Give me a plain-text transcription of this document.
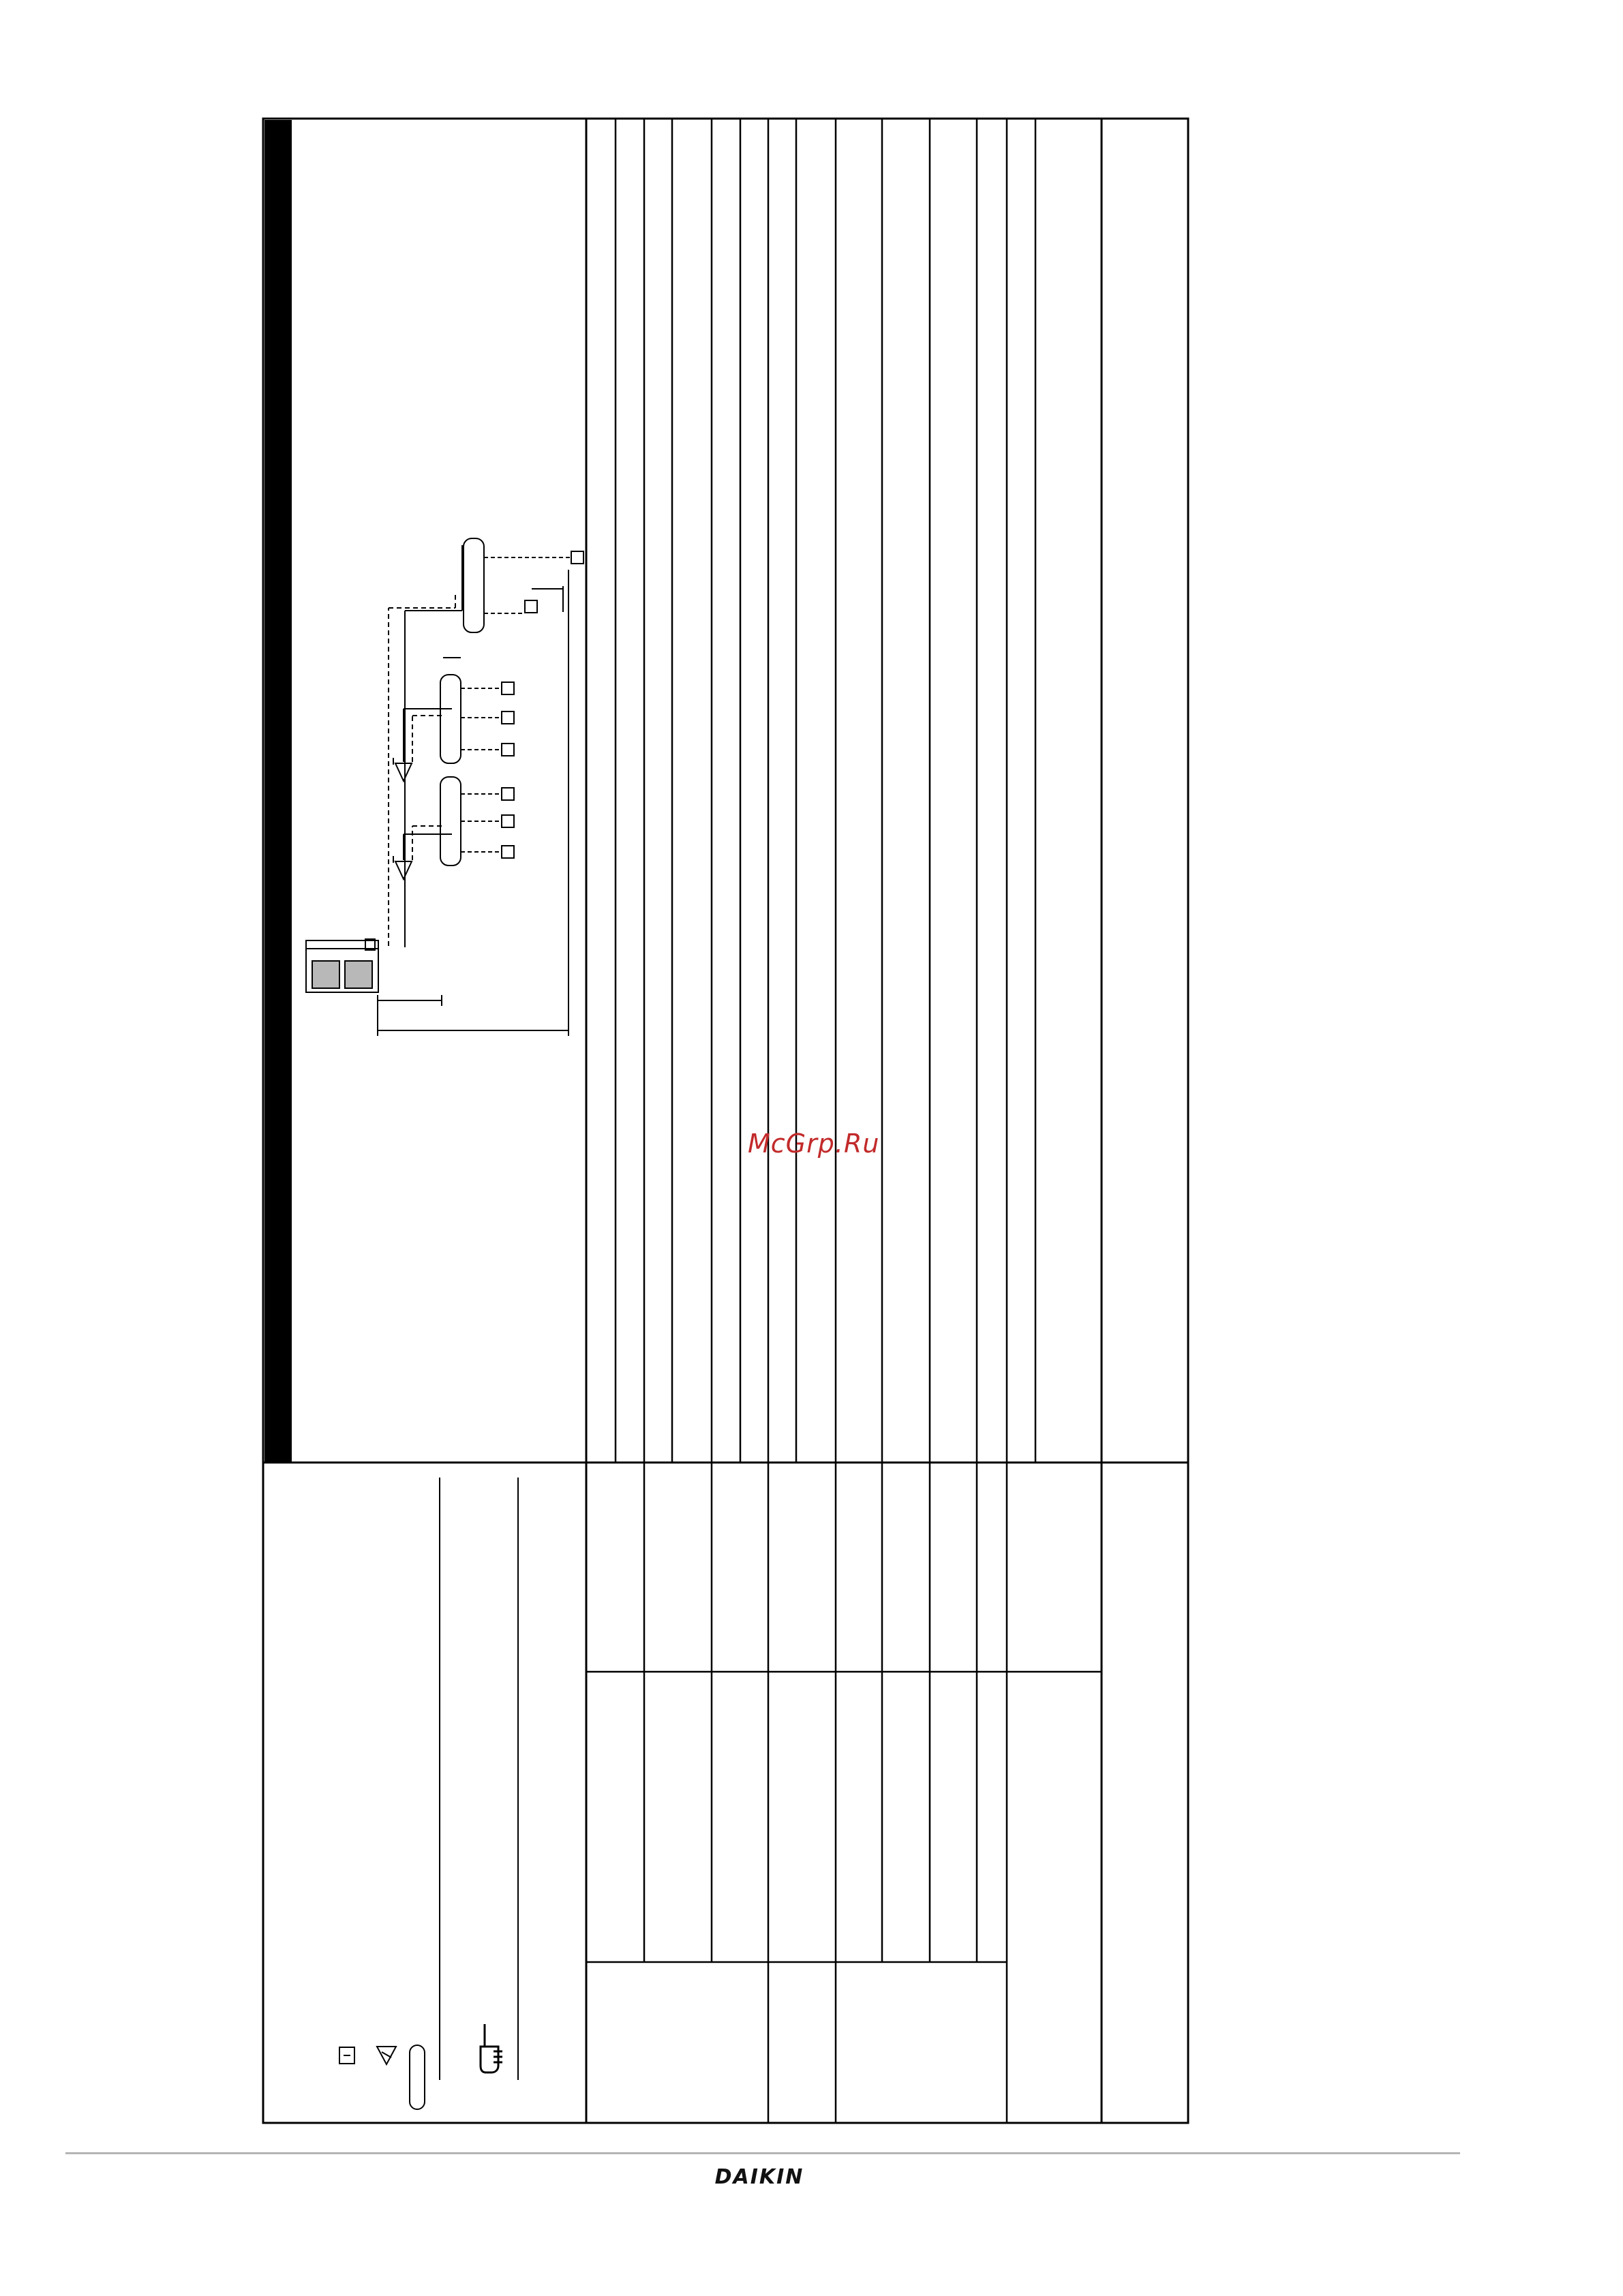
McGrp.Ru
DAIKIN
